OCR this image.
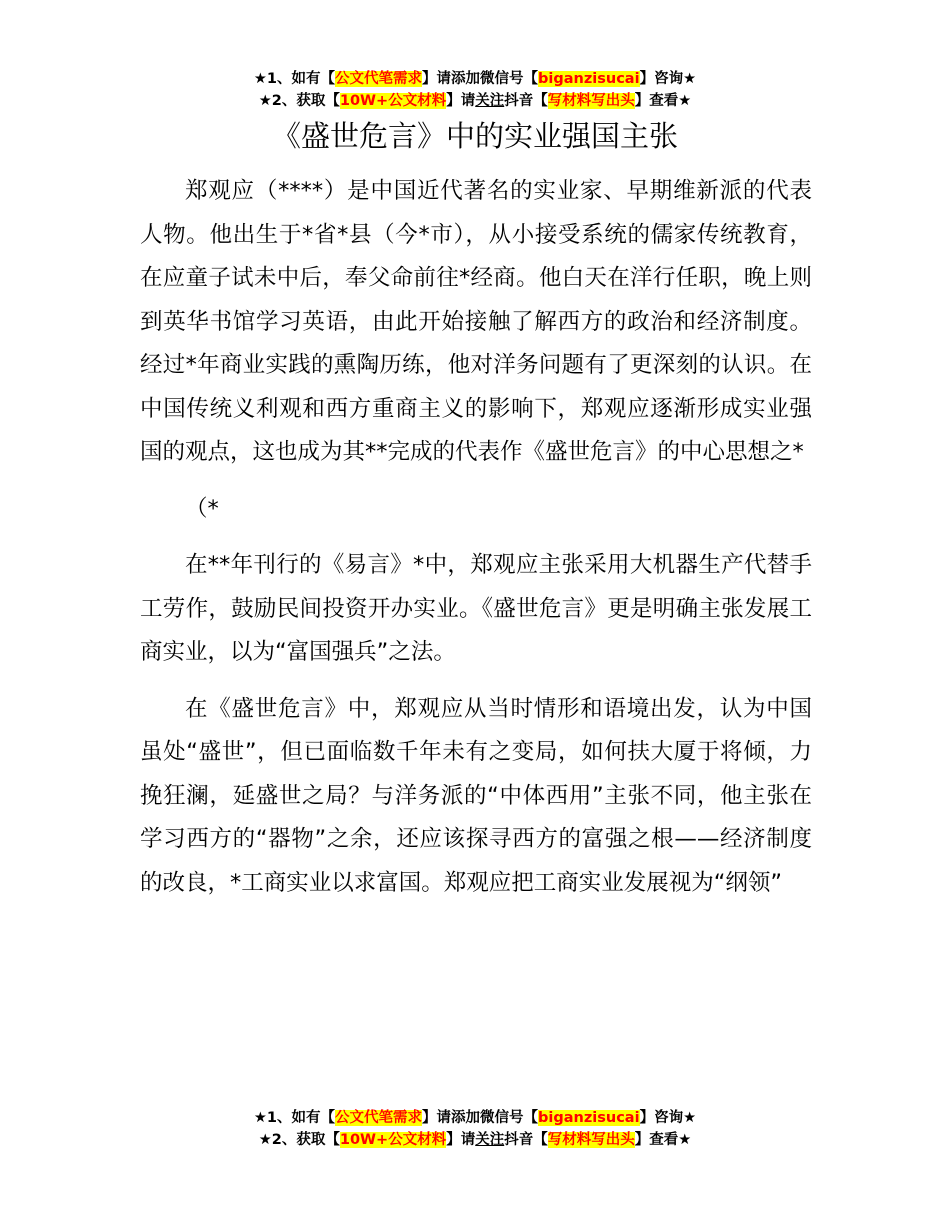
★1、如有【公文代笔需求】请添加微信号【biganzisucai】咨询★
★2、获取【10W+公文材料】请关注抖音【写材料写出头】查看★
《盛世危言》中的实业强国主张

郑观应（****）是中国近代著名的实业家、早期维新派的代表人物。他出生于*省*县（今*市），从小接受系统的儒家传统教育，在应童子试未中后，奉父命前往*经商。他白天在洋行任职，晚上则到英华书馆学习英语，由此开始接触了解西方的政治和经济制度。经过*年商业实践的熏陶历练，他对洋务问题有了更深刻的认识。在中国传统义利观和西方重商主义的影响下，郑观应逐渐形成实业强国的观点，这也成为其**完成的代表作《盛世危言》的中心思想之*

（*

在**年刊行的《易言》*中，郑观应主张采用大机器生产代替手工劳作，鼓励民间投资开办实业。《盛世危言》更是明确主张发展工商实业，以为“富国强兵”之法。

在《盛世危言》中，郑观应从当时情形和语境出发，认为中国虽处“盛世”，但已面临数千年未有之变局，如何扶大厦于将倾，力挽狂澜，延盛世之局？与洋务派的“中体西用”主张不同，他主张在学习西方的“器物”之余，还应该探寻西方的富强之根——经济制度的改良，*工商实业以求富国。郑观应把工商实业发展视为“纲领”

★1、如有【公文代笔需求】请添加微信号【biganzisucai】咨询★
★2、获取【10W+公文材料】请关注抖音【写材料写出头】查看★
